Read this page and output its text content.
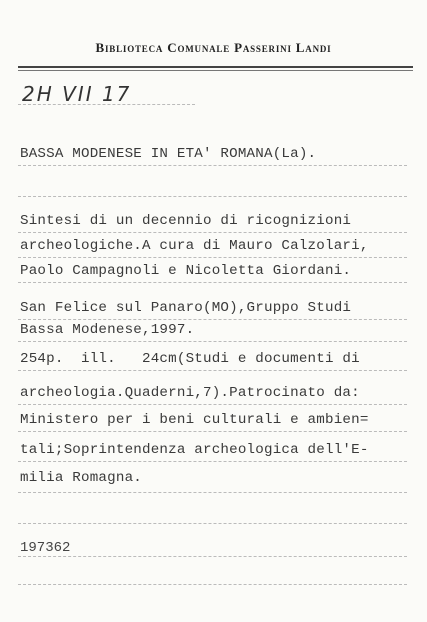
Biblioteca Comunale Passerini Landi
2H VII 17
BASSA MODENESE IN ETA' ROMANA(La).
Sintesi di un decennio di ricognizioni
archeologiche.A cura di Mauro Calzolari,
Paolo Campagnoli e Nicoletta Giordani.
San Felice sul Panaro(MO),Gruppo Studi
Bassa Modenese,1997.
254p.  ill.   24cm(Studi e documenti di
archeologia.Quaderni,7).Patrocinato da:
Ministero per i beni culturali e ambien=
tali;Soprintendenza archeologica dell'E-
milia Romagna.
197362
